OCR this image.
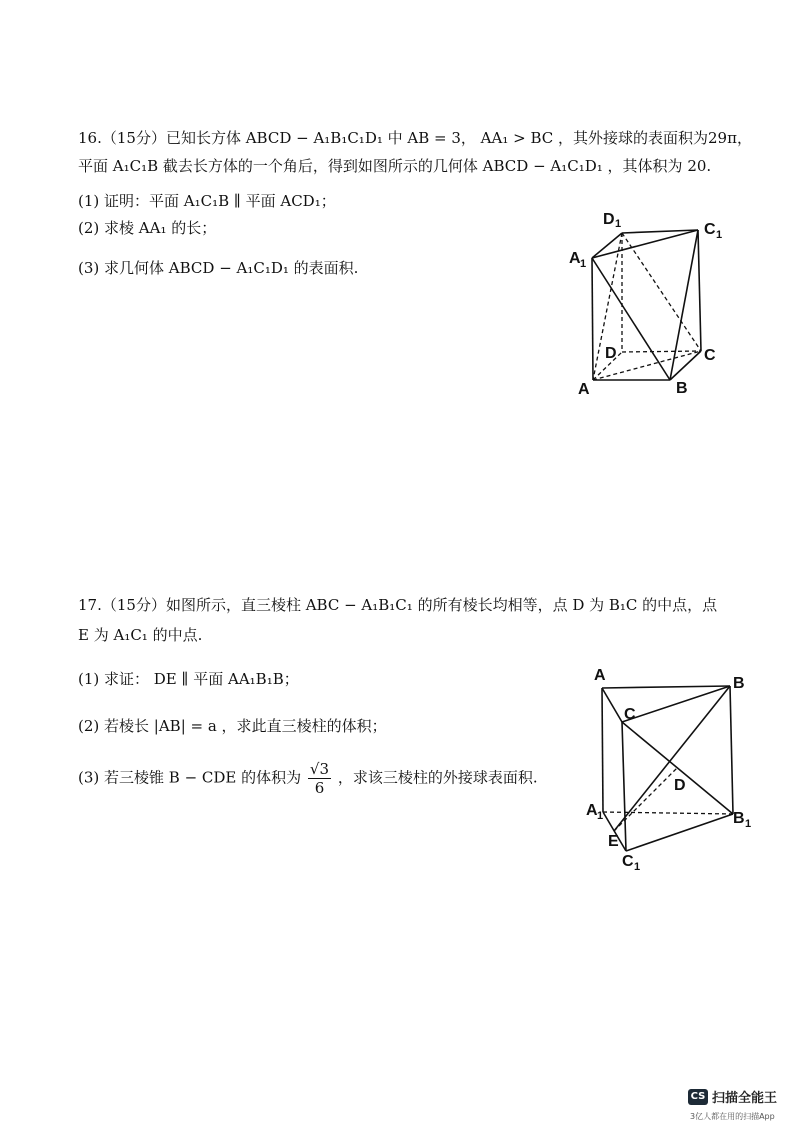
16.（15分）已知长方体 ABCD − A₁B₁C₁D₁ 中 AB = 3， AA₁ > BC ，其外接球的表面积为29π，
平面 A₁C₁B 截去长方体的一个角后，得到如图所示的几何体 ABCD − A₁C₁D₁ ，其体积为 20.
(1) 证明：平面 A₁C₁B ∥ 平面 ACD₁；
(2) 求棱 AA₁ 的长；
(3) 求几何体 ABCD − A₁C₁D₁ 的表面积.
D 1	C 1
A 1
D	C
A	B
17.（15分）如图所示，直三棱柱 ABC − A₁B₁C₁ 的所有棱长均相等，点 D 为 B₁C 的中点，点
E 为 A₁C₁ 的中点.
(1) 求证： DE ∥ 平面 AA₁B₁B；
(2) 若棱长 |AB| = a ，求此直三棱柱的体积；
(3) 若三棱锥 B − CDE 的体积为 $\frac{√3}{6}$ ，求该三棱柱的外接球表面积.
A	B
C
D
A 1	B 1
E
C 1
CS 扫描全能王
3亿人都在用的扫描App
